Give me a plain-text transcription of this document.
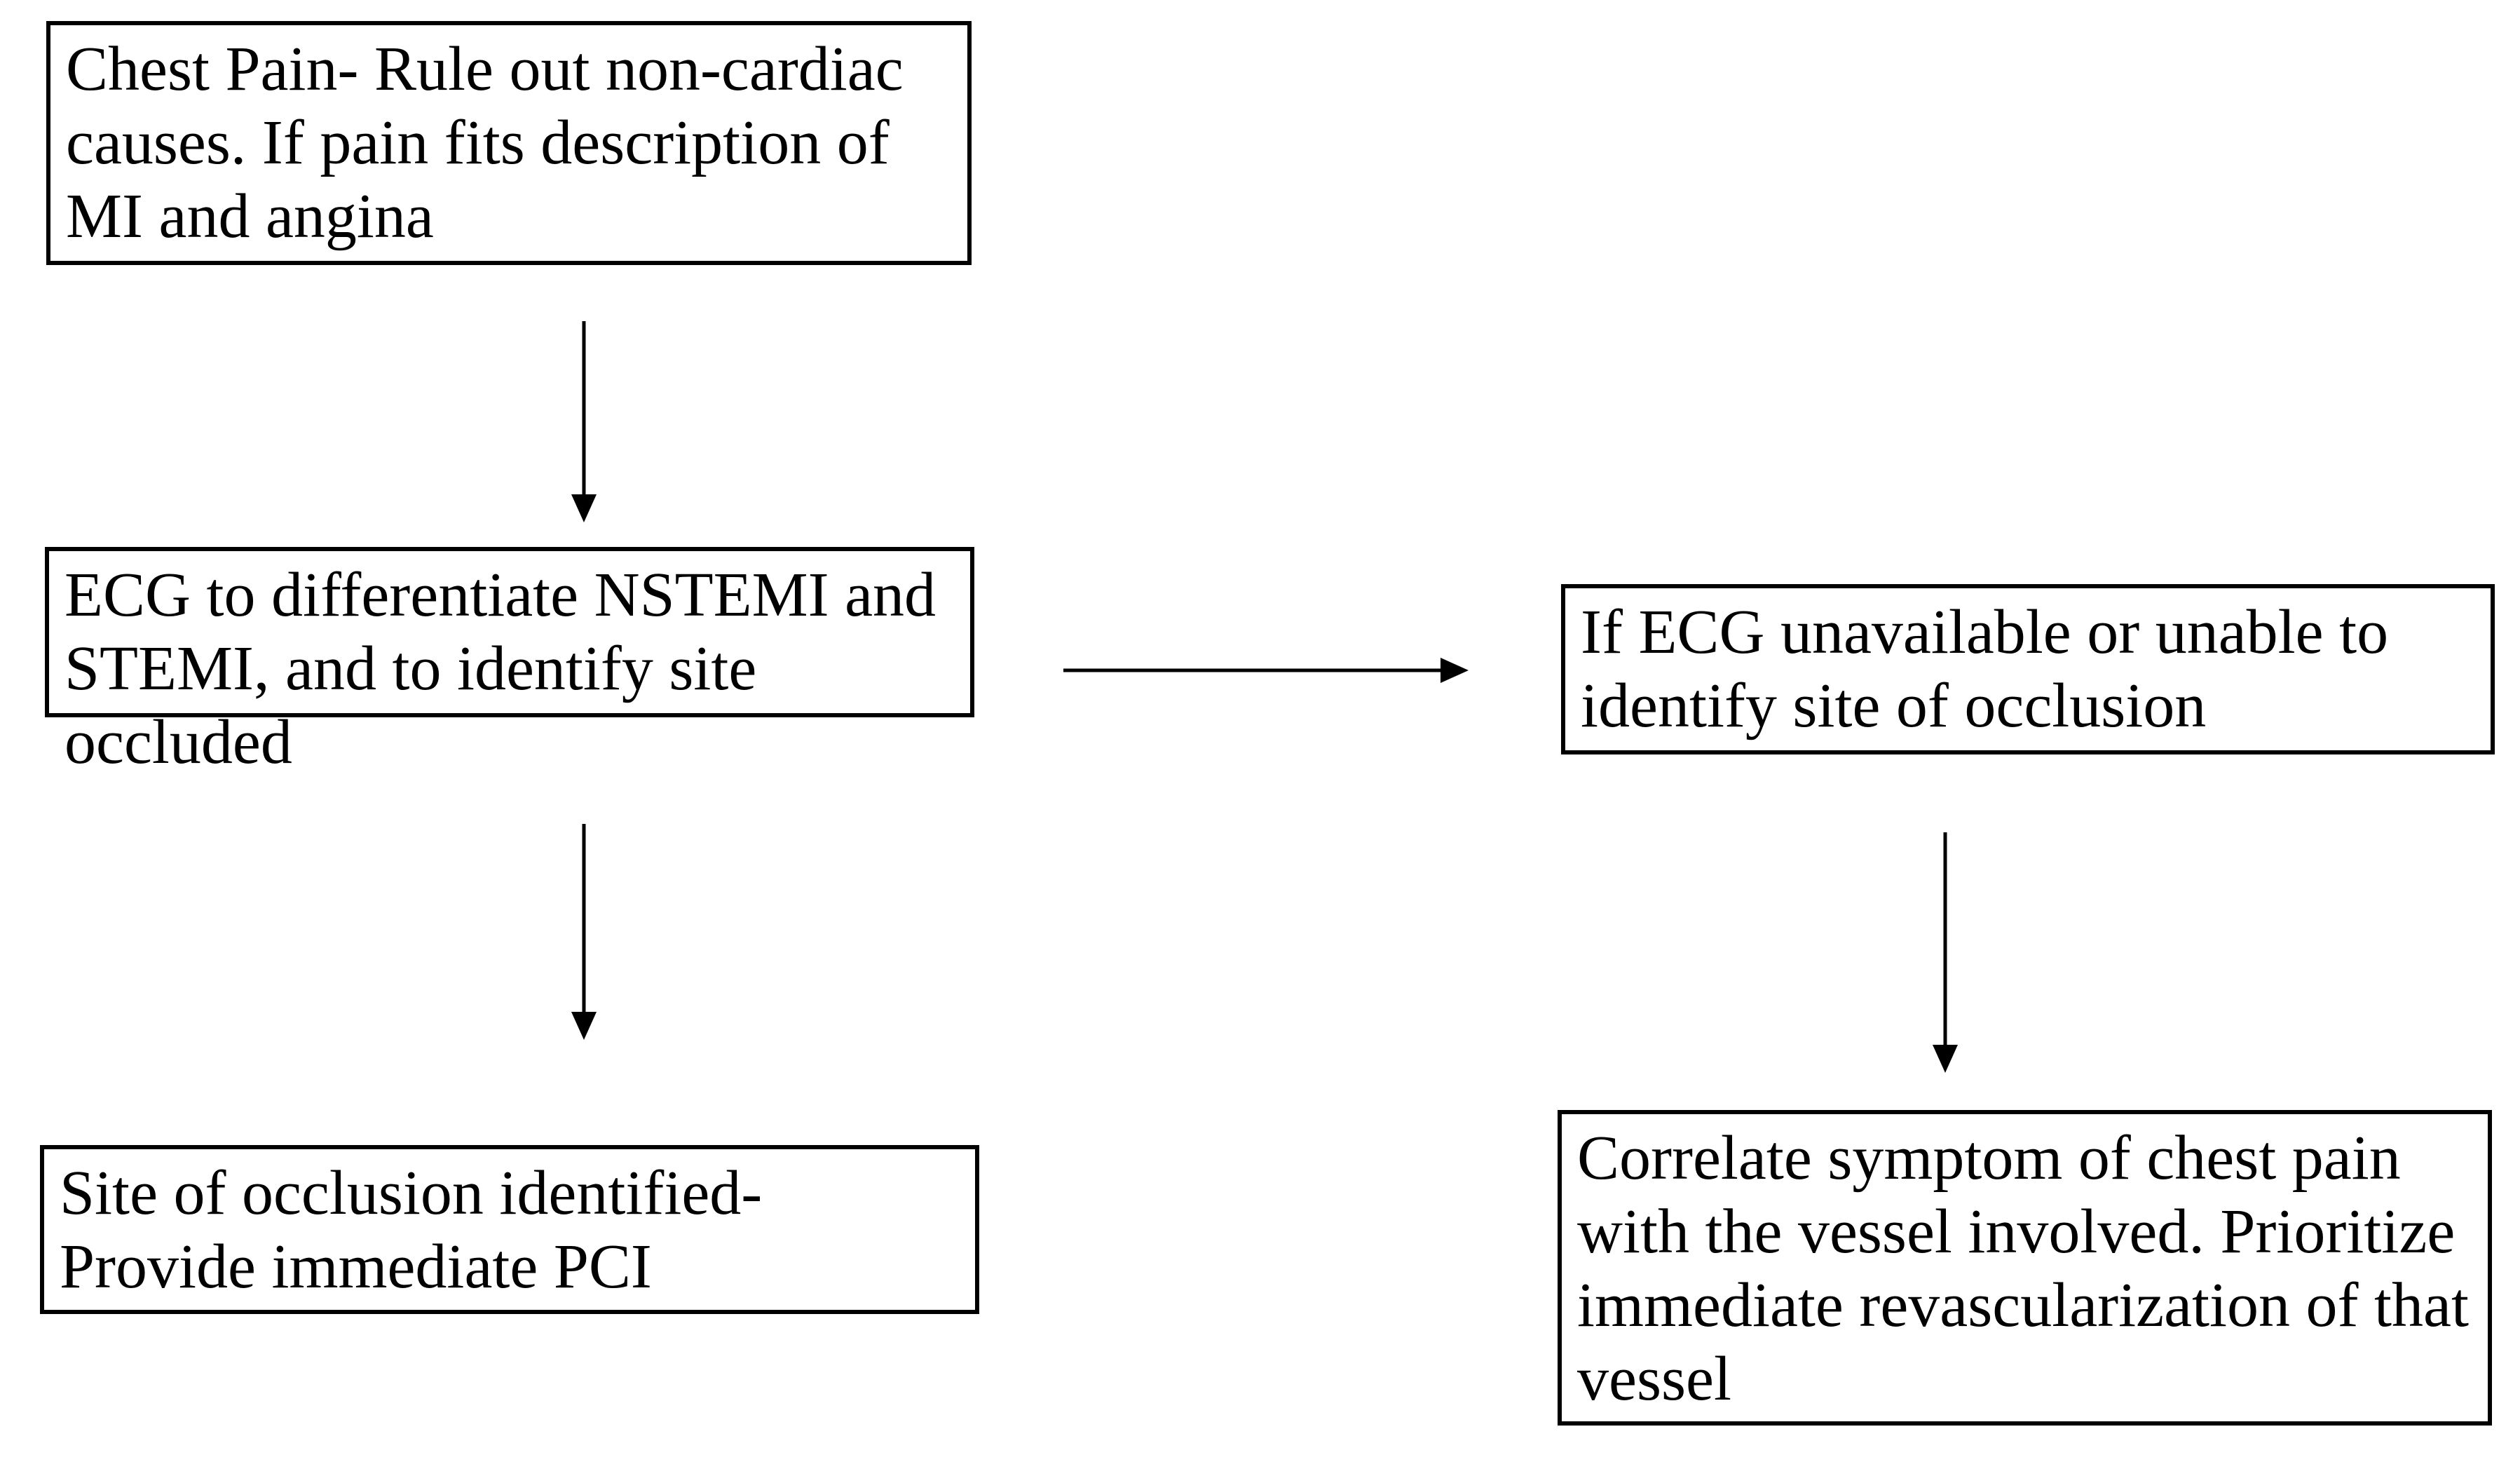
Chest Pain- Rule out non-cardiac causes. If pain fits description of MI and angina
ECG to differentiate NSTEMI and STEMI, and to identify site occluded
If ECG unavailable or unable to identify site of occlusion
Site of occlusion identified- Provide immediate PCI
Correlate symptom of chest pain with the vessel involved. Prioritize immediate revascularization of that vessel
